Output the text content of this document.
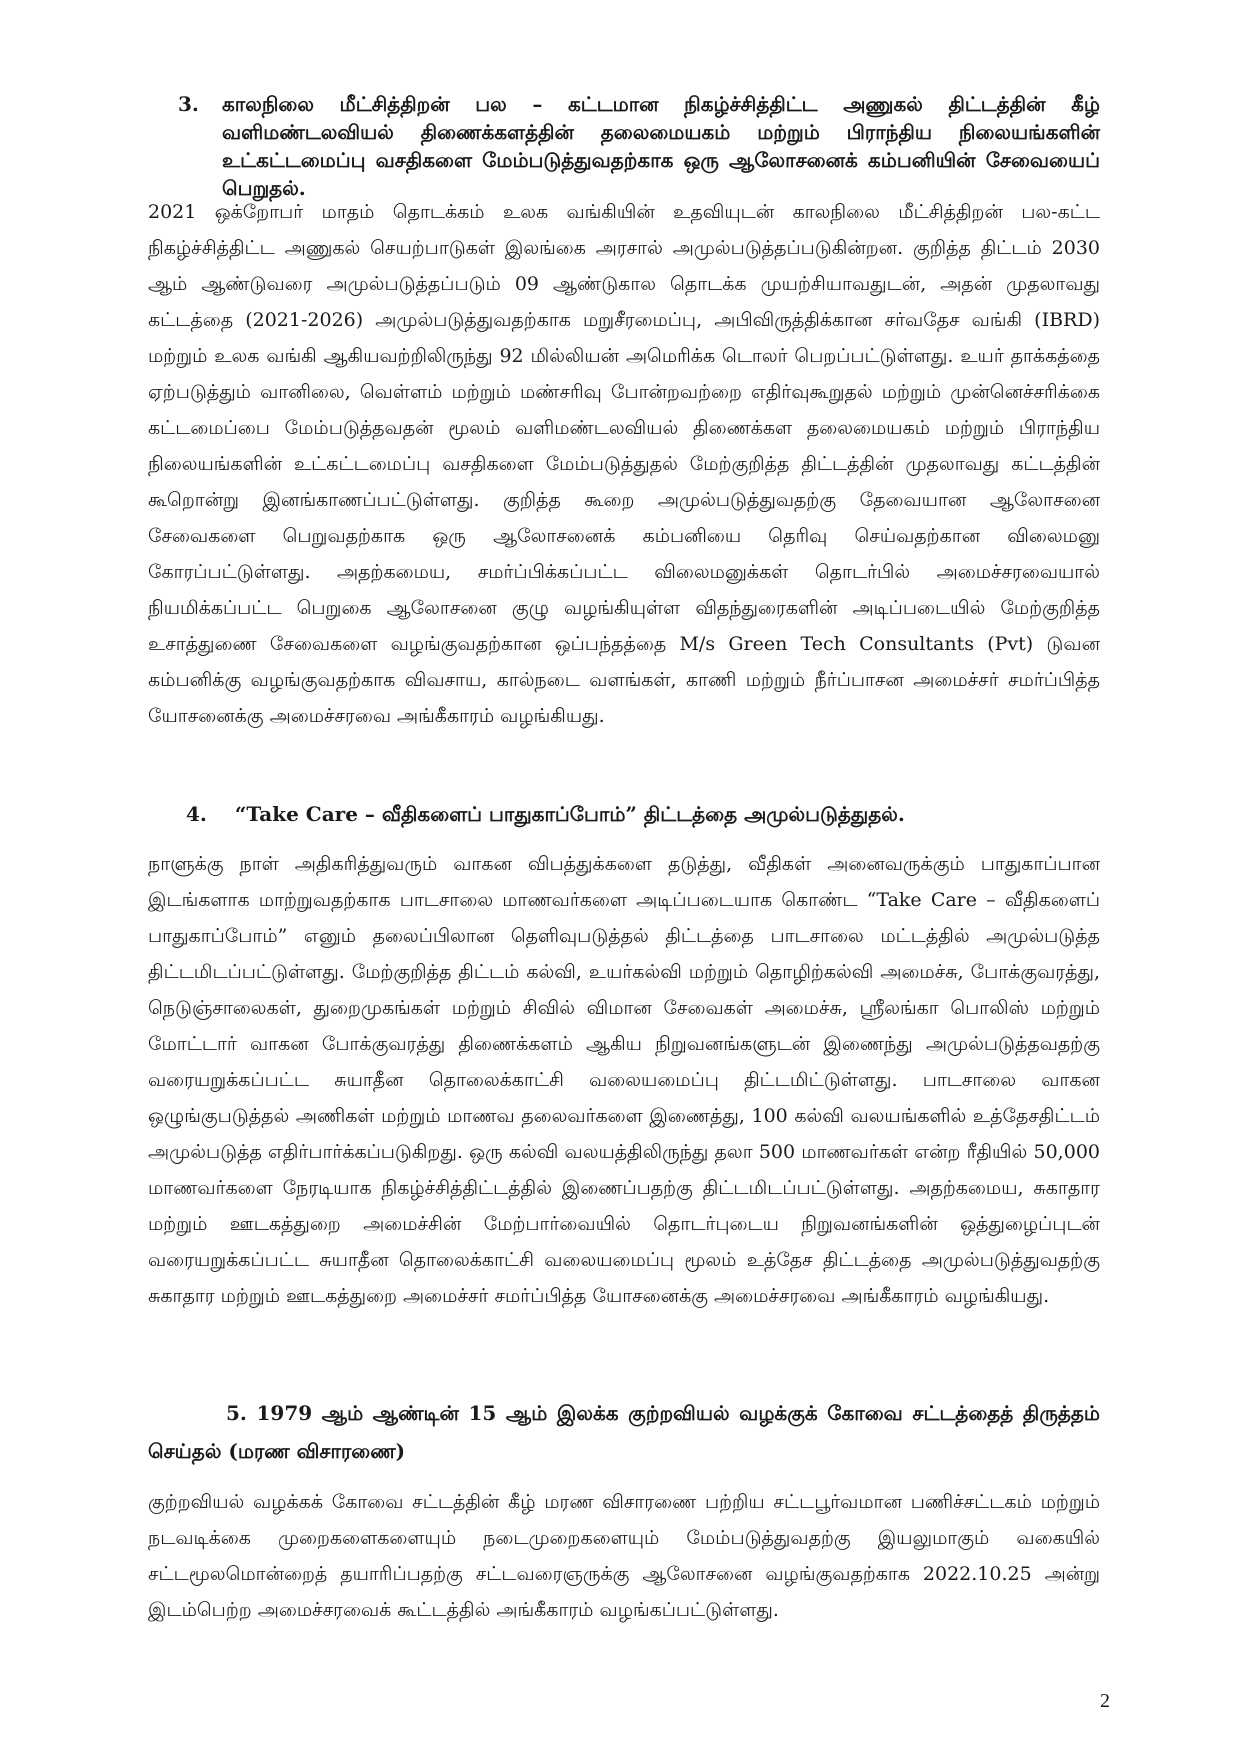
3. காலநிலை மீட்சித்திறன் பல – கட்டமான நிகழ்ச்சித்திட்ட அணுகல் திட்டத்தின் கீழ் வளிமண்டலவியல் திணைக்களத்தின் தலைமையகம் மற்றும் பிராந்திய நிலையங்களின் உட்கட்டமைப்பு வசதிகளை மேம்படுத்துவதற்காக ஒரு ஆலோசனைக் கம்பனியின் சேவையைப் பெறுதல்.
2021 ஒக்றோபர் மாதம் தொடக்கம் உலக வங்கியின் உதவியுடன் காலநிலை மீட்சித்திறன் பல-கட்ட நிகழ்ச்சித்திட்ட அணுகல் செயற்பாடுகள் இலங்கை அரசால் அமுல்படுத்தப்படுகின்றன. குறித்த திட்டம் 2030 ஆம் ஆண்டுவரை அமுல்படுத்தப்படும் 09 ஆண்டுகால தொடக்க முயற்சியாவதுடன், அதன் முதலாவது கட்டத்தை (2021-2026) அமுல்படுத்துவதற்காக மறுசீரமைப்பு, அபிவிருத்திக்கான சர்வதேச வங்கி (IBRD) மற்றும் உலக வங்கி ஆகியவற்றிலிருந்து 92 மில்லியன் அமெரிக்க டொலர் பெறப்பட்டுள்ளது. உயர் தாக்கத்தை ஏற்படுத்தும் வானிலை, வெள்ளம் மற்றும் மண்சரிவு போன்றவற்றை எதிர்வுகூறுதல் மற்றும் முன்னெச்சரிக்கை கட்டமைப்பை மேம்படுத்தவதன் மூலம் வளிமண்டலவியல் திணைக்கள தலைமையகம் மற்றும் பிராந்திய நிலையங்களின் உட்கட்டமைப்பு வசதிகளை மேம்படுத்துதல் மேற்குறித்த திட்டத்தின் முதலாவது கட்டத்தின் கூறொன்று இனங்காணப்பட்டுள்ளது. குறித்த கூறை அமுல்படுத்துவதற்கு தேவையான ஆலோசனை சேவைகளை பெறுவதற்காக ஒரு ஆலோசனைக் கம்பனியை தெரிவு செய்வதற்கான விலைமனு கோரப்பட்டுள்ளது. அதற்கமைய, சமர்ப்பிக்கப்பட்ட விலைமனுக்கள் தொடர்பில் அமைச்சரவையால் நியமிக்கப்பட்ட பெறுகை ஆலோசனை குழு வழங்கியுள்ள விதந்துரைகளின் அடிப்படையில் மேற்குறித்த உசாத்துணை சேவைகளை வழங்குவதற்கான ஒப்பந்தத்தை M/s Green Tech Consultants (Pvt) டுவன கம்பனிக்கு வழங்குவதற்காக விவசாய, கால்நடை வளங்கள், காணி மற்றும் நீர்ப்பாசன அமைச்சர் சமர்ப்பித்த யோசனைக்கு அமைச்சரவை அங்கீகாரம் வழங்கியது.
4. “Take Care – வீதிகளைப் பாதுகாப்போம்” திட்டத்தை அமுல்படுத்துதல்.
நாளுக்கு நாள் அதிகரித்துவரும் வாகன விபத்துக்களை தடுத்து, வீதிகள் அனைவருக்கும் பாதுகாப்பான இடங்களாக மாற்றுவதற்காக பாடசாலை மாணவர்களை அடிப்படையாக கொண்ட “Take Care – வீதிகளைப் பாதுகாப்போம்” எனும் தலைப்பிலான தெளிவுபடுத்தல் திட்டத்தை பாடசாலை மட்டத்தில் அமுல்படுத்த திட்டமிடப்பட்டுள்ளது. மேற்குறித்த திட்டம் கல்வி, உயர்கல்வி மற்றும் தொழிற்கல்வி அமைச்சு, போக்குவரத்து, நெடுஞ்சாலைகள், துறைமுகங்கள் மற்றும் சிவில் விமான சேவைகள் அமைச்சு, ஸ்ரீலங்கா பொலிஸ் மற்றும் மோட்டார் வாகன போக்குவரத்து திணைக்களம் ஆகிய நிறுவனங்களுடன் இணைந்து அமுல்படுத்தவதற்கு வரையறுக்கப்பட்ட சுயாதீன தொலைக்காட்சி வலையமைப்பு திட்டமிட்டுள்ளது. பாடசாலை வாகன ஒழுங்குபடுத்தல் அணிகள் மற்றும் மாணவ தலைவர்களை இணைத்து, 100 கல்வி வலயங்களில் உத்தேசதிட்டம் அமுல்படுத்த எதிர்பார்க்கப்படுகிறது. ஒரு கல்வி வலயத்திலிருந்து தலா 500 மாணவர்கள் என்ற ரீதியில் 50,000 மாணவர்களை நேரடியாக நிகழ்ச்சித்திட்டத்தில் இணைப்பதற்கு திட்டமிடப்பட்டுள்ளது. அதற்கமைய, சுகாதார மற்றும் ஊடகத்துறை அமைச்சின் மேற்பார்வையில் தொடர்புடைய நிறுவனங்களின் ஒத்துழைப்புடன் வரையறுக்கப்பட்ட சுயாதீன தொலைக்காட்சி வலையமைப்பு மூலம் உத்தேச திட்டத்தை அமுல்படுத்துவதற்கு சுகாதார மற்றும் ஊடகத்துறை அமைச்சர் சமர்ப்பித்த யோசனைக்கு அமைச்சரவை அங்கீகாரம் வழங்கியது.
5. 1979 ஆம் ஆண்டின் 15 ஆம் இலக்க குற்றவியல் வழக்குக் கோவை சட்டத்தைத் திருத்தம் செய்தல் (மரண விசாரணை)
குற்றவியல் வழக்கக் கோவை சட்டத்தின் கீழ் மரண விசாரணை பற்றிய சட்டபூர்வமான பணிச்சட்டகம் மற்றும் நடவடிக்கை முறைகளைகளையும் நடைமுறைகளையும் மேம்படுத்துவதற்கு இயலுமாகும் வகையில் சட்டமூலமொன்றைத் தயாரிப்பதற்கு சட்டவரைஞருக்கு ஆலோசனை வழங்குவதற்காக 2022.10.25 அன்று இடம்பெற்ற அமைச்சரவைக் கூட்டத்தில் அங்கீகாரம் வழங்கப்பட்டுள்ளது.
2
